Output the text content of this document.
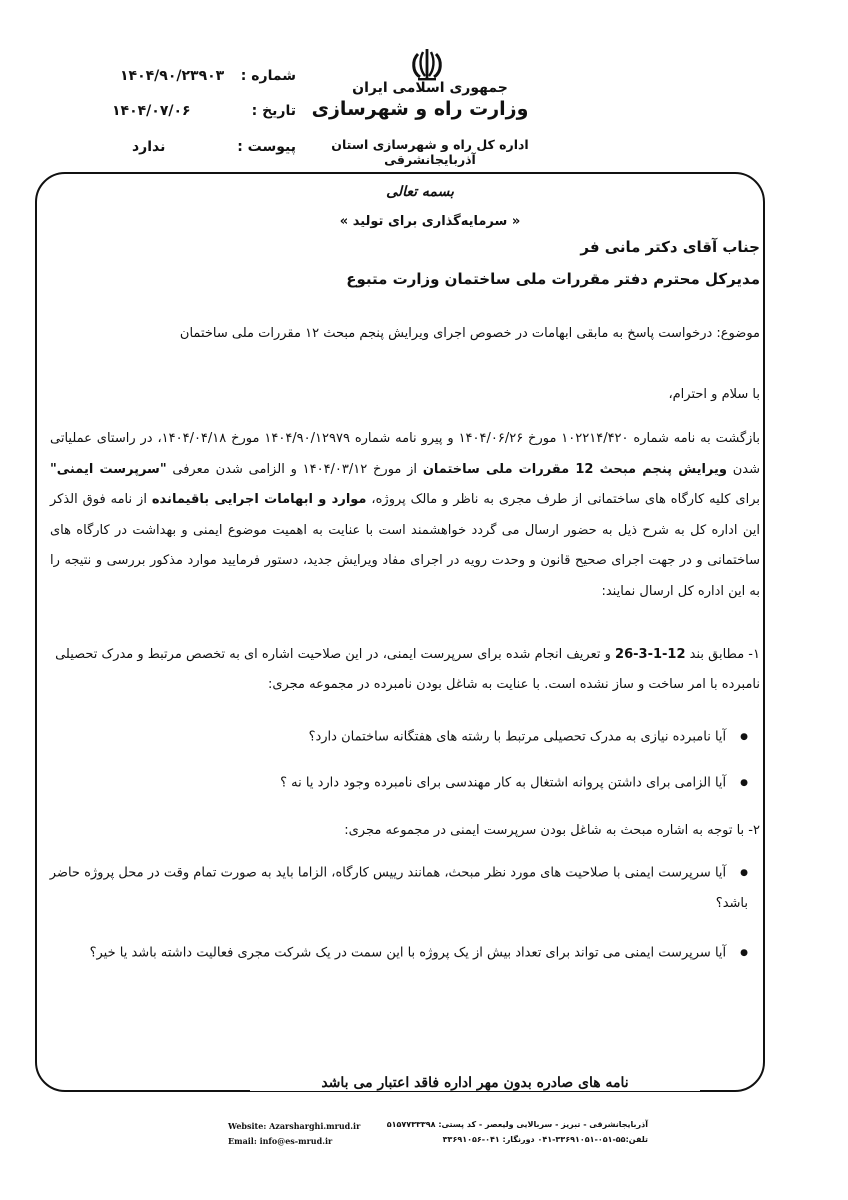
جمهوری اسلامی ایران
وزارت راه و شهرسازی
اداره کل راه و شهرسازی استان آذربایجانشرقی
شماره :
۱۴۰۴/۹۰/۲۳۹۰۳
تاریخ :
۱۴۰۴/۰۷/۰۶
پیوست :
ندارد
بسمه تعالی
« سرمایه‌گذاری برای تولید »
جناب آقای دکتر مانی فر
مدیرکل محترم دفتر مقررات ملی ساختمان وزارت متبوع
موضوع: درخواست پاسخ به مابقی ابهامات در خصوص اجرای ویرایش پنجم مبحث ۱۲ مقررات ملی ساختمان
با سلام و احترام،
بازگشت به نامه شماره ۱۰۲۲۱۴/۴۲۰ مورخ ۱۴۰۴/۰۶/۲۶ و پیرو نامه شماره ۱۴۰۴/۹۰/۱۲۹۷۹ مورخ ۱۴۰۴/۰۴/۱۸، در راستای عملیاتی شدن ویرایش پنجم مبحث 12 مقررات ملی ساختمان از مورخ ۱۴۰۴/۰۳/۱۲ و الزامی شدن معرفی "سرپرست ایمنی" برای کلیه کارگاه های ساختمانی از طرف مجری به ناظر و مالک پروژه، موارد و ابهامات اجرایی باقیمانده از نامه فوق الذکر این اداره کل به شرح ذیل به حضور ارسال می گردد خواهشمند است با عنایت به اهمیت موضوع ایمنی و بهداشت در کارگاه های ساختمانی و در جهت اجرای صحیح قانون و وحدت رویه در اجرای مفاد ویرایش جدید، دستور فرمایید موارد مذکور بررسی و نتیجه را به این اداره کل ارسال نمایند:
۱- مطابق بند 26-3-1-12 و تعریف انجام شده برای سرپرست ایمنی، در این صلاحیت اشاره ای به تخصص مرتبط و مدرک تحصیلی نامبرده با امر ساخت و ساز نشده است. با عنایت به شاغل بودن نامبرده در مجموعه مجری:
● آیا نامبرده نیازی به مدرک تحصیلی مرتبط با رشته های هفتگانه ساختمان دارد؟
● آیا الزامی برای داشتن پروانه اشتغال به کار مهندسی برای نامبرده وجود دارد یا نه ؟
۲- با توجه به اشاره مبحث به شاغل بودن سرپرست ایمنی در مجموعه مجری:
● آیا سرپرست ایمنی با صلاحیت های مورد نظر مبحث، همانند رییس کارگاه، الزاما باید به صورت تمام وقت در محل پروژه حاضر باشد؟
● آیا سرپرست ایمنی می تواند برای تعداد بیش از یک پروژه با این سمت در یک شرکت مجری فعالیت داشته باشد یا خیر؟
نامه های صادره بدون مهر اداره فاقد اعتبار می باشد
آذربایجانشرقی - تبریز - سربالایی ولیعصر - کد پستی: ۵۱۵۷۷۳۳۳۹۸
تلفن:۵۵-۰۵۱-۳۳۶۹۱۰۵۱-۰۴۱ دورنگار: ۰۴۱-۳۳۶۹۱۰۵۶
Website: Azarsharghi.mrud.ir
Email: info@es-mrud.ir
